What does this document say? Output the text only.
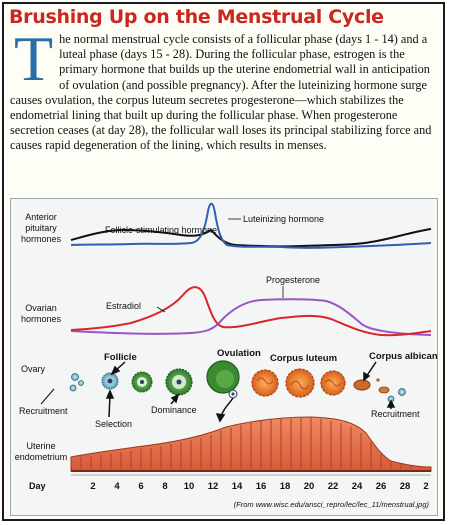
Brushing Up on the Menstrual Cycle
The normal menstrual cycle consists of a follicular phase (days 1 - 14) and a luteal phase (days 15 - 28). During the follicular phase, estrogen is the primary hormone that builds up the uterine endometrial wall in anticipation of ovulation (and possible pregnancy). After the luteinizing hormone surge causes ovulation, the corpus luteum secretes progesterone—which stabilizes the endometrial lining that built up during the follicular phase. When progesterone secretion ceases (at day 28), the follicular wall loses its principal stabilizing force and causes rapid degeneration of the lining, which results in menses.
Anterior
pituitary
hormones
Ovarian
hormones
Ovary
Uterine
endometrium
Day
Follicle-stimulating hormone
Luteinizing hormone
Estradiol
Progesterone
Follicle	Ovulation Corpus luteum	Corpus albicans
Recruitment
Selection
Dominance	Recruitment
2 4 6 8 10 12 14 16 18 20 22 24 26 28 2
(From www.wisc.edu/ansci_repro/lec/lec_11/menstrual.jpg)
